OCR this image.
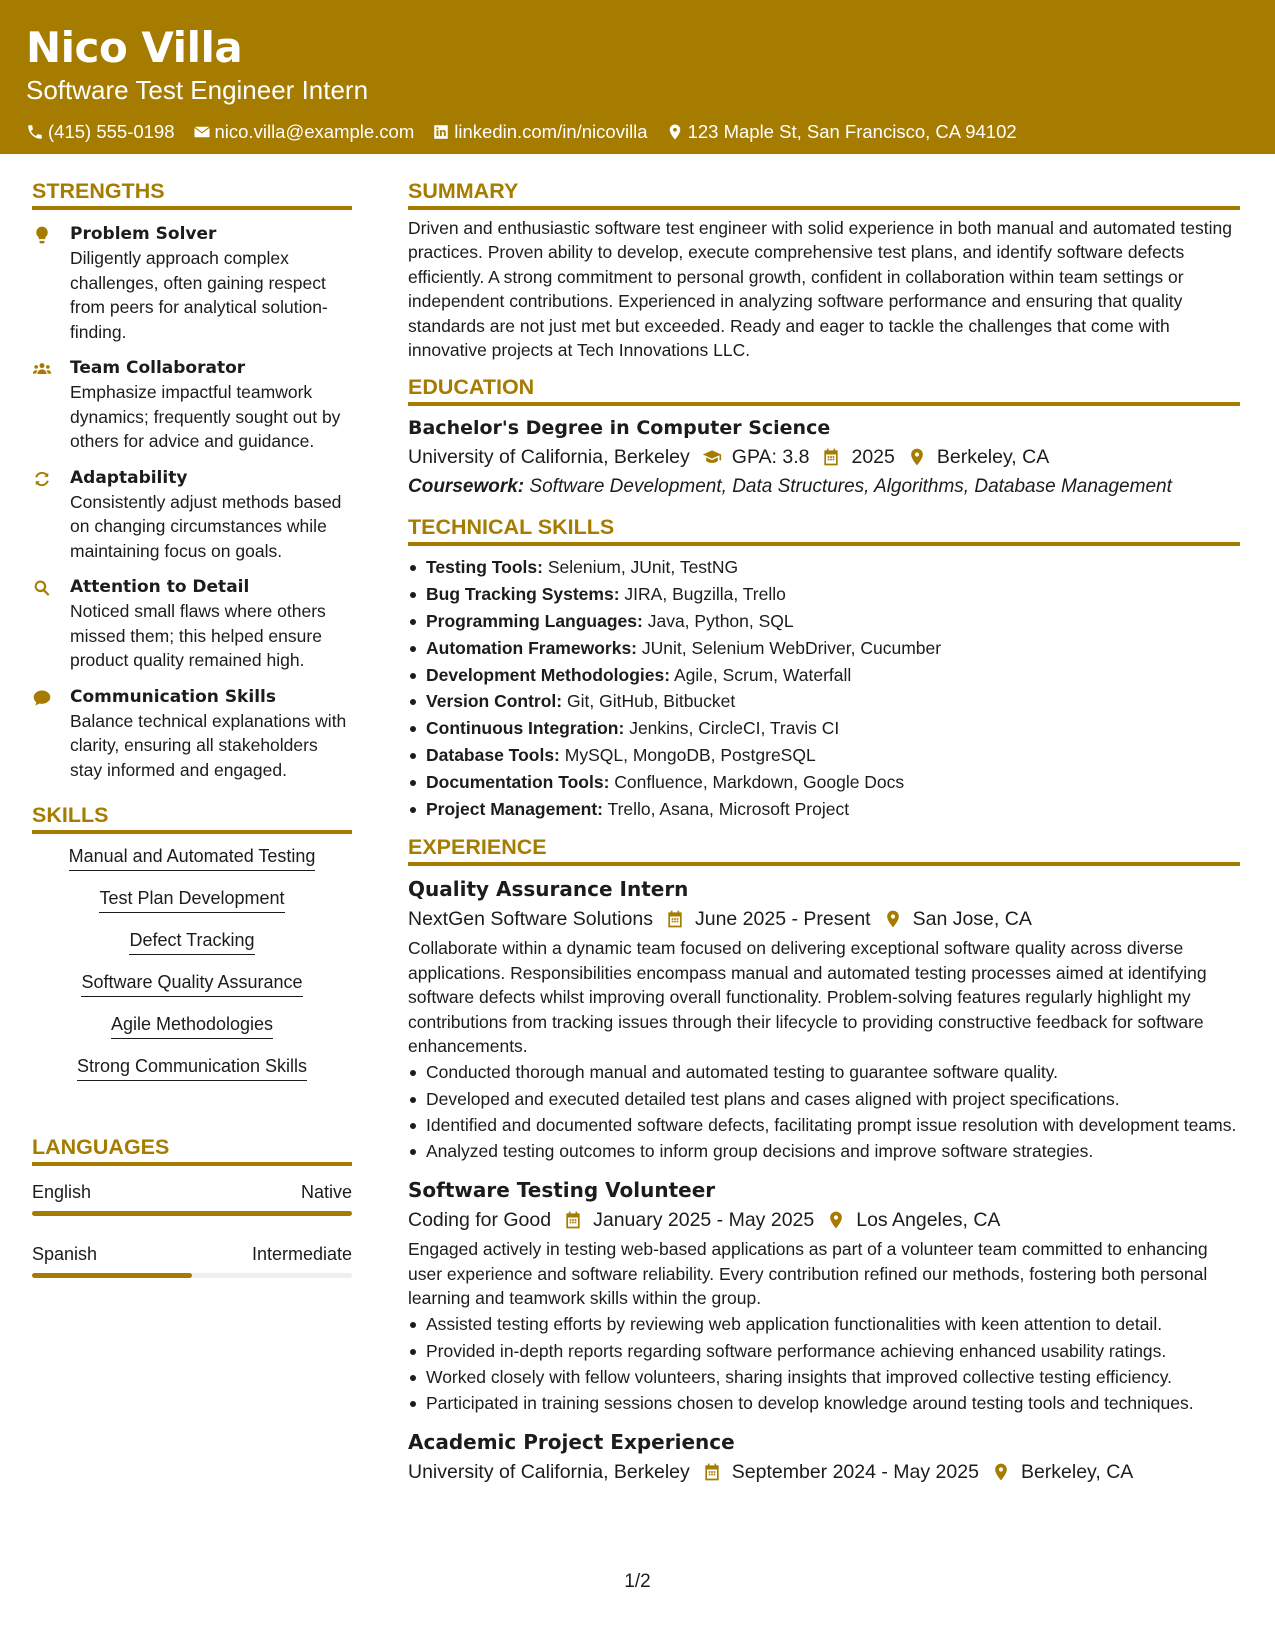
Nico Villa
Software Test Engineer Intern
(415) 555-0198 nico.villa@example.com linkedin.com/in/nicovilla 123 Maple St, San Francisco, CA 94102
STRENGTHS
Problem Solver
Diligently approach complex challenges, often gaining respect from peers for analytical solution-finding.
Team Collaborator
Emphasize impactful teamwork dynamics; frequently sought out by others for advice and guidance.
Adaptability
Consistently adjust methods based on changing circumstances while maintaining focus on goals.
Attention to Detail
Noticed small flaws where others missed them; this helped ensure product quality remained high.
Communication Skills
Balance technical explanations with clarity, ensuring all stakeholders stay informed and engaged.
SKILLS
Manual and Automated Testing
Test Plan Development
Defect Tracking
Software Quality Assurance
Agile Methodologies
Strong Communication Skills
LANGUAGES
English	Native
Spanish	Intermediate
SUMMARY
Driven and enthusiastic software test engineer with solid experience in both manual and automated testing practices. Proven ability to develop, execute comprehensive test plans, and identify software defects efficiently. A strong commitment to personal growth, confident in collaboration within team settings or independent contributions. Experienced in analyzing software performance and ensuring that quality standards are not just met but exceeded. Ready and eager to tackle the challenges that come with innovative projects at Tech Innovations LLC.
EDUCATION
Bachelor's Degree in Computer Science
University of California, Berkeley GPA: 3.8 2025 Berkeley, CA
Coursework: Software Development, Data Structures, Algorithms, Database Management
TECHNICAL SKILLS
Testing Tools: Selenium, JUnit, TestNG
Bug Tracking Systems: JIRA, Bugzilla, Trello
Programming Languages: Java, Python, SQL
Automation Frameworks: JUnit, Selenium WebDriver, Cucumber
Development Methodologies: Agile, Scrum, Waterfall
Version Control: Git, GitHub, Bitbucket
Continuous Integration: Jenkins, CircleCI, Travis CI
Database Tools: MySQL, MongoDB, PostgreSQL
Documentation Tools: Confluence, Markdown, Google Docs
Project Management: Trello, Asana, Microsoft Project
EXPERIENCE
Quality Assurance Intern
NextGen Software Solutions June 2025 - Present San Jose, CA
Collaborate within a dynamic team focused on delivering exceptional software quality across diverse applications. Responsibilities encompass manual and automated testing processes aimed at identifying software defects whilst improving overall functionality. Problem-solving features regularly highlight my contributions from tracking issues through their lifecycle to providing constructive feedback for software enhancements.
Conducted thorough manual and automated testing to guarantee software quality.
Developed and executed detailed test plans and cases aligned with project specifications.
Identified and documented software defects, facilitating prompt issue resolution with development teams.
Analyzed testing outcomes to inform group decisions and improve software strategies.
Software Testing Volunteer
Coding for Good January 2025 - May 2025 Los Angeles, CA
Engaged actively in testing web-based applications as part of a volunteer team committed to enhancing user experience and software reliability. Every contribution refined our methods, fostering both personal learning and teamwork skills within the group.
Assisted testing efforts by reviewing web application functionalities with keen attention to detail.
Provided in-depth reports regarding software performance achieving enhanced usability ratings.
Worked closely with fellow volunteers, sharing insights that improved collective testing efficiency.
Participated in training sessions chosen to develop knowledge around testing tools and techniques.
Academic Project Experience
University of California, Berkeley September 2024 - May 2025 Berkeley, CA
1/2
